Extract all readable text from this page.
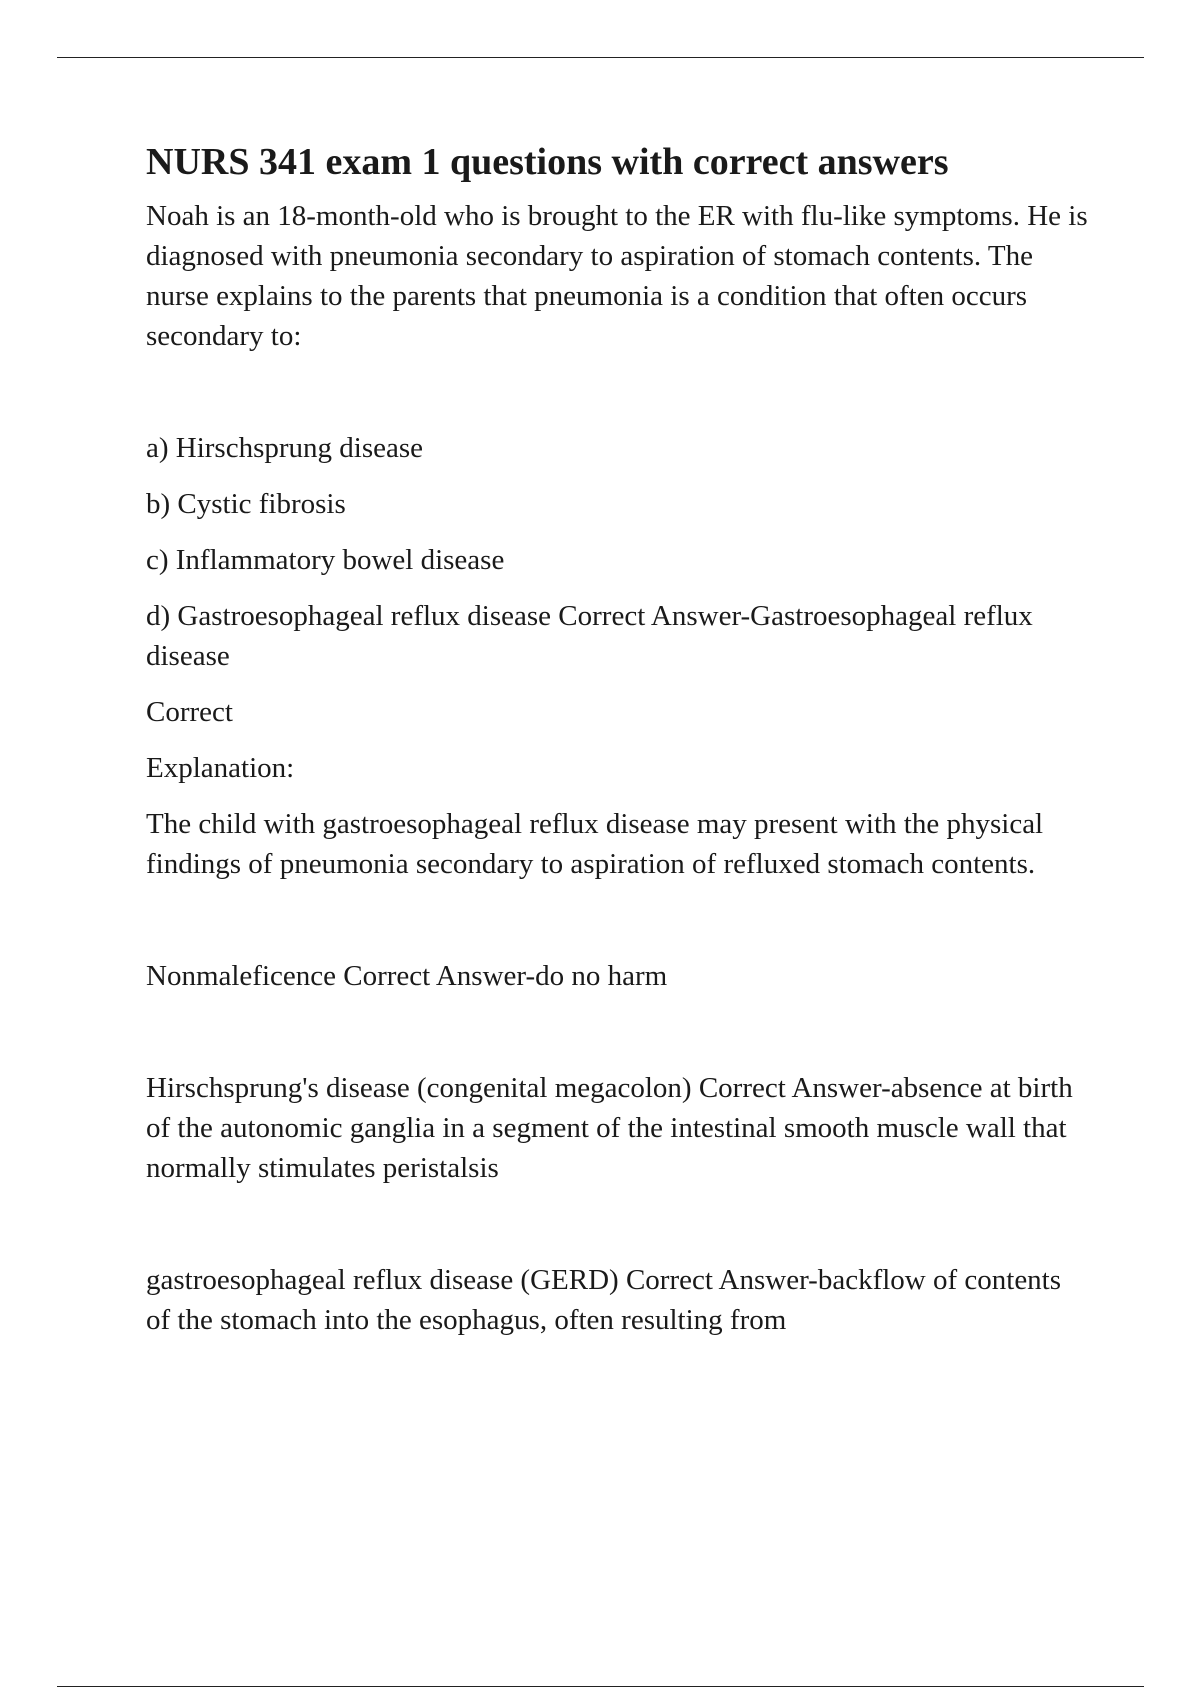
NURS 341 exam 1 questions with correct answers

Noah is an 18-month-old who is brought to the ER with flu-like symptoms. He is diagnosed with pneumonia secondary to aspiration of stomach contents. The nurse explains to the parents that pneumonia is a condition that often occurs secondary to:

a) Hirschsprung disease

b) Cystic fibrosis

c) Inflammatory bowel disease

d) Gastroesophageal reflux disease Correct Answer-Gastroesophageal reflux disease

Correct

Explanation:

The child with gastroesophageal reflux disease may present with the physical findings of pneumonia secondary to aspiration of refluxed stomach contents.

Nonmaleficence Correct Answer-do no harm

Hirschsprung's disease (congenital megacolon) Correct Answer-absence at birth of the autonomic ganglia in a segment of the intestinal smooth muscle wall that normally stimulates peristalsis

gastroesophageal reflux disease (GERD) Correct Answer-backflow of contents of the stomach into the esophagus, often resulting from
